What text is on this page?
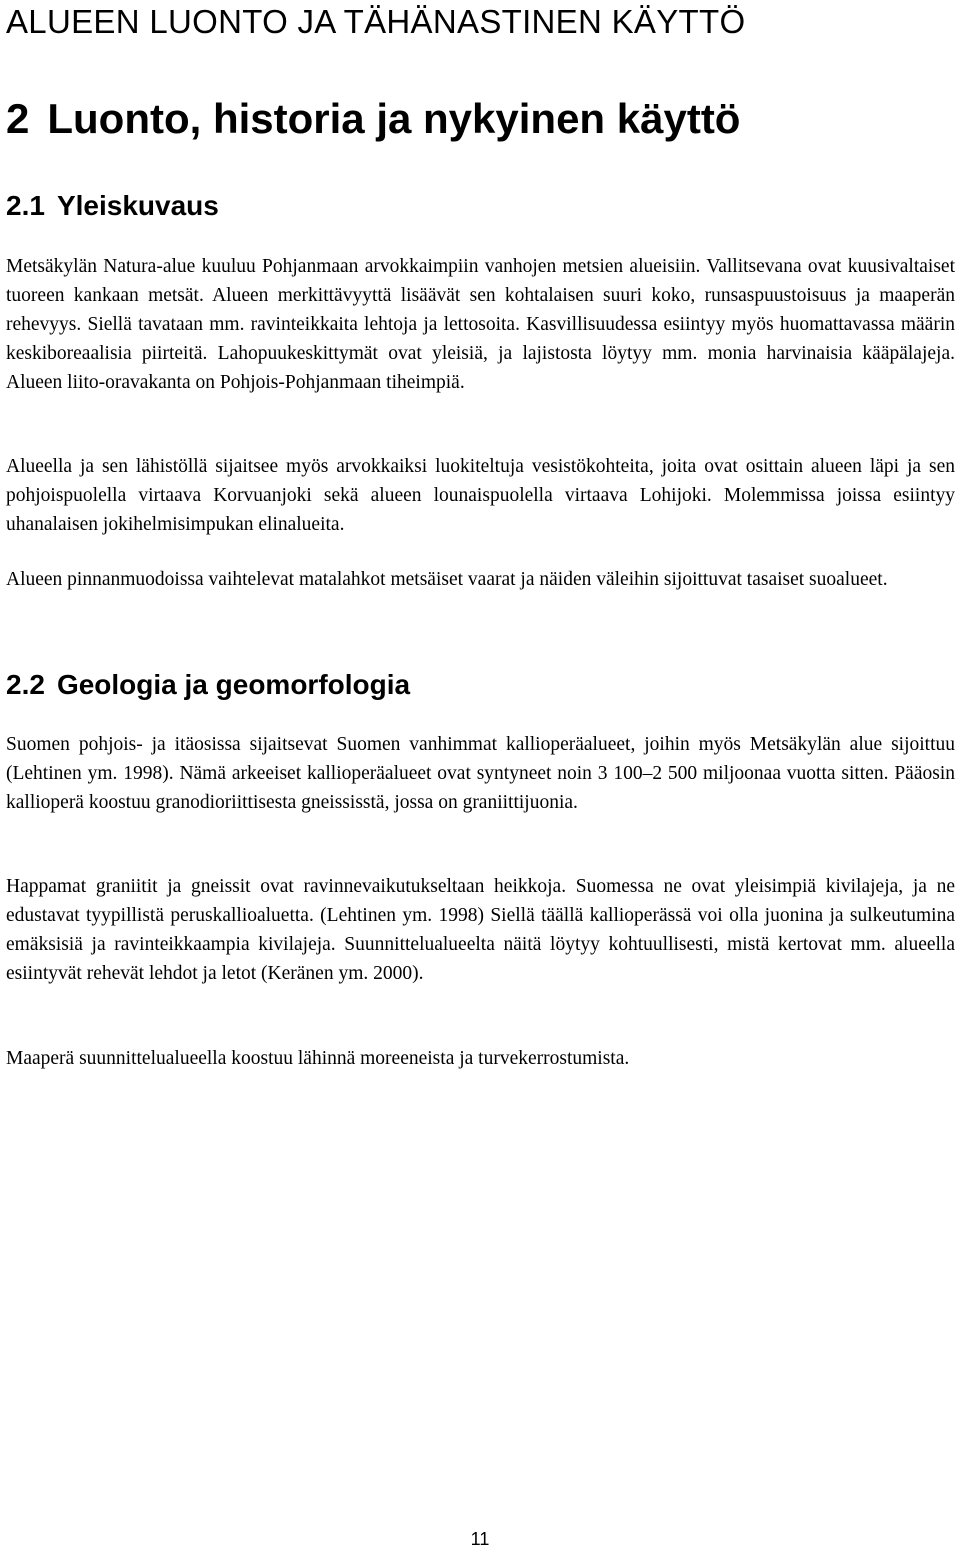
ALUEEN LUONTO JA TÄHÄNASTINEN KÄYTTÖ
2 Luonto, historia ja nykyinen käyttö
2.1 Yleiskuvaus

Metsäkylän Natura-alue kuuluu Pohjanmaan arvokkaimpiin vanhojen metsien alueisiin. Vallitsevana ovat kuusivaltaiset tuoreen kankaan metsät. Alueen merkittävyyttä lisäävät sen kohtalaisen suuri koko, runsaspuustoisuus ja maaperän rehevyys. Siellä tavataan mm. ravinteikkaita lehtoja ja lettosoita. Kasvillisuudessa esiintyy myös huomattavassa määrin keskiboreaalisia piirteitä. Lahopuukeskittymät ovat yleisiä, ja lajistosta löytyy mm. monia harvinaisia kääpälajeja. Alueen liito-oravakanta on Pohjois-Pohjanmaan tiheimpiä.

Alueella ja sen lähistöllä sijaitsee myös arvokkaiksi luokiteltuja vesistökohteita, joita ovat osittain alueen läpi ja sen pohjoispuolella virtaava Korvuanjoki sekä alueen lounaispuolella virtaava Lohijoki. Molemmissa joissa esiintyy uhanalaisen jokihelmisimpukan elinalueita.

Alueen pinnanmuodoissa vaihtelevat matalahkot metsäiset vaarat ja näiden väleihin sijoittuvat tasaiset suoalueet.

2.2 Geologia ja geomorfologia

Suomen pohjois- ja itäosissa sijaitsevat Suomen vanhimmat kallioperäalueet, joihin myös Metsäkylän alue sijoittuu (Lehtinen ym. 1998). Nämä arkeeiset kallioperäalueet ovat syntyneet noin 3 100–2 500 miljoonaa vuotta sitten. Pääosin kallioperä koostuu granodioriittisesta gneississtä, jossa on graniittijuonia.

Happamat graniitit ja gneissit ovat ravinnevaikutukseltaan heikkoja. Suomessa ne ovat yleisimpiä kivilajeja, ja ne edustavat tyypillistä peruskallioaluetta. (Lehtinen ym. 1998) Siellä täällä kallioperässä voi olla juonina ja sulkeutumina emäksisiä ja ravinteikkaampia kivilajeja. Suunnittelualueelta näitä löytyy kohtuullisesti, mistä kertovat mm. alueella esiintyvät rehevät lehdot ja letot (Keränen ym. 2000).

Maaperä suunnittelualueella koostuu lähinnä moreeneista ja turvekerrostumista.

11
